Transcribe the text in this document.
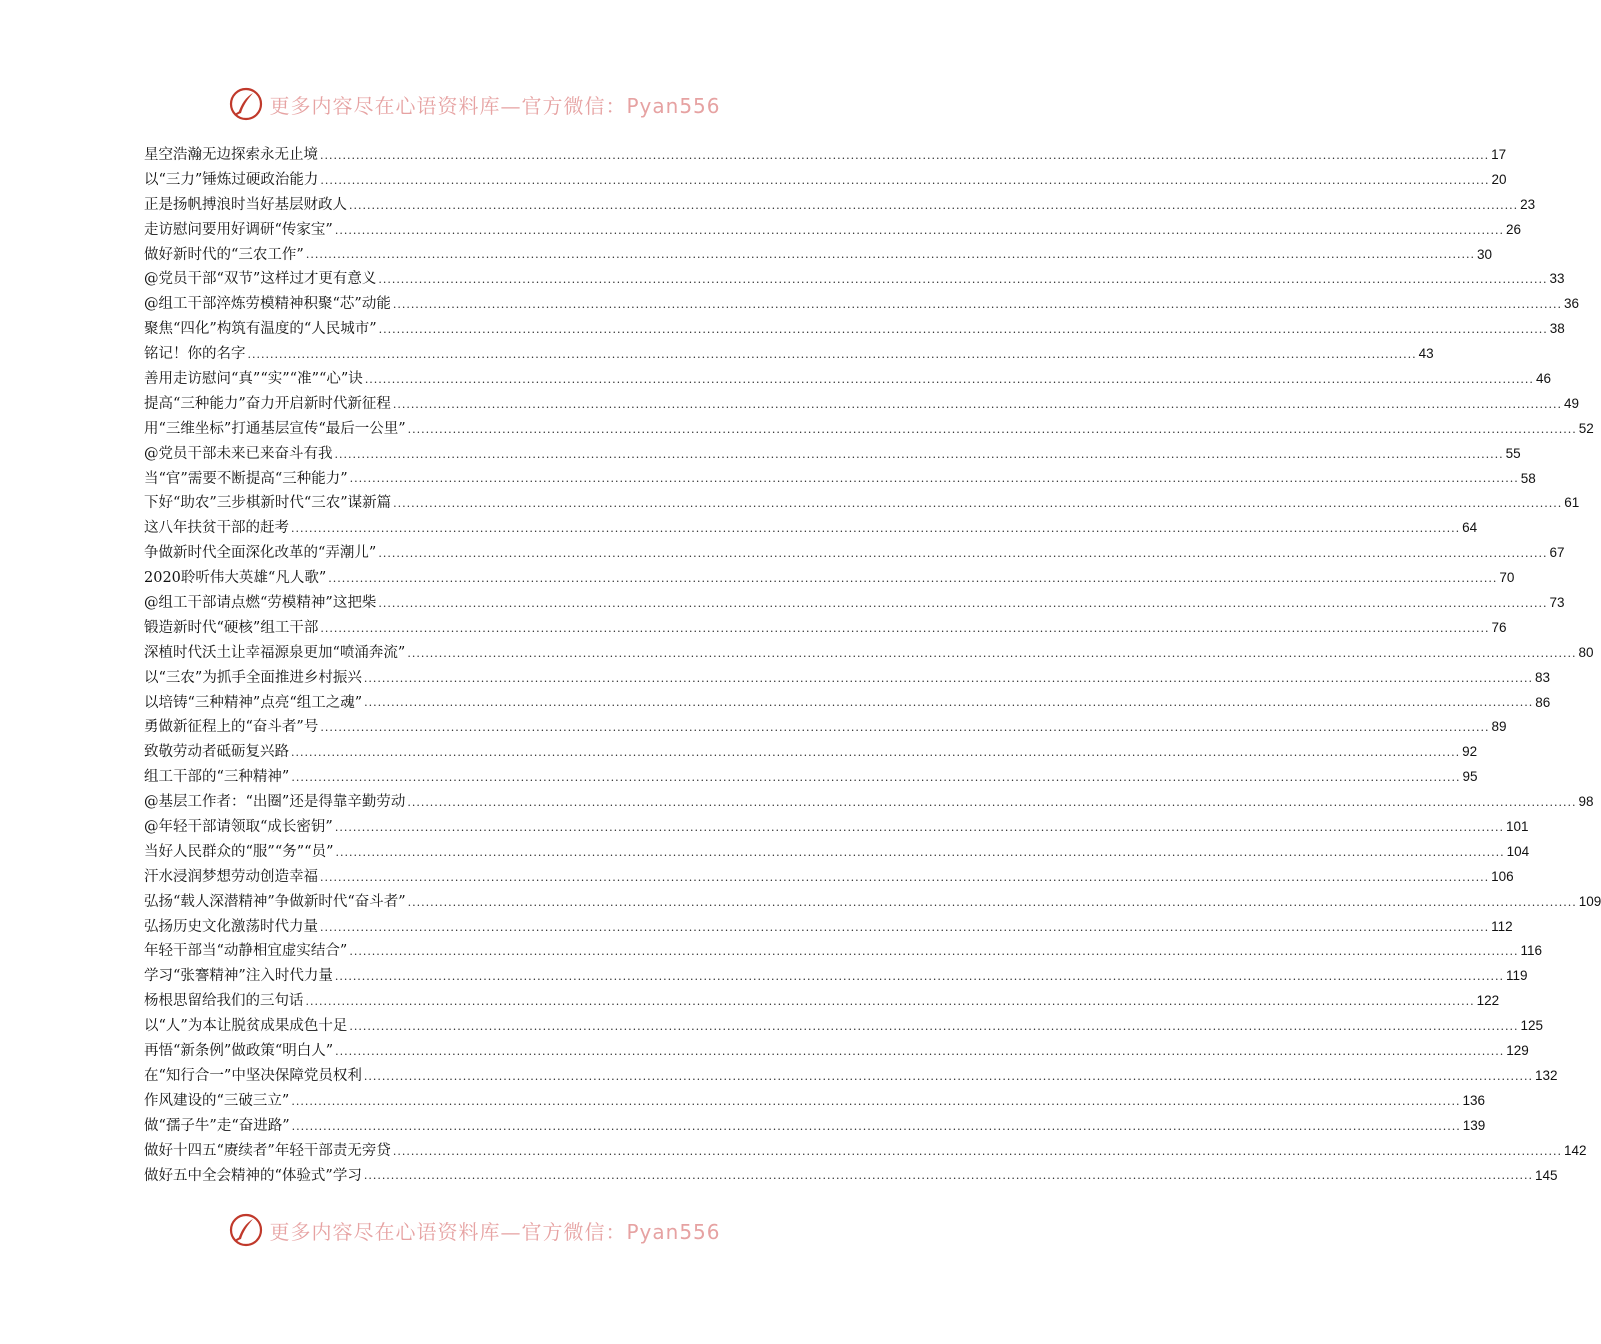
更多内容尽在心语资料库—官方微信：Pyan556
星空浩瀚无边探索永无止境 .................................................................................................................................................................................................................................................................... 17
以“三力”锤炼过硬政治能力 .................................................................................................................................................................................................................................................................... 20
正是扬帆搏浪时当好基层财政人 .................................................................................................................................................................................................................................................................... 23
走访慰问要用好调研“传家宝” .................................................................................................................................................................................................................................................................... 26
做好新时代的“三农工作” .................................................................................................................................................................................................................................................................... 30
@党员干部“双节”这样过才更有意义 .................................................................................................................................................................................................................................................................... 33
@组工干部淬炼劳模精神积聚“芯”动能 .................................................................................................................................................................................................................................................................... 36
聚焦“四化”构筑有温度的“人民城市” .................................................................................................................................................................................................................................................................... 38
铭记！你的名字 .................................................................................................................................................................................................................................................................... 43
善用走访慰问“真”“实”“准”“心”诀 .................................................................................................................................................................................................................................................................... 46
提高“三种能力”奋力开启新时代新征程 .................................................................................................................................................................................................................................................................... 49
用“三维坐标”打通基层宣传“最后一公里” .................................................................................................................................................................................................................................................................... 52
@党员干部未来已来奋斗有我 .................................................................................................................................................................................................................................................................... 55
当“官”需要不断提高“三种能力” .................................................................................................................................................................................................................................................................... 58
下好“助农”三步棋新时代“三农”谋新篇 .................................................................................................................................................................................................................................................................... 61
这八年扶贫干部的赶考 .................................................................................................................................................................................................................................................................... 64
争做新时代全面深化改革的“弄潮儿” .................................................................................................................................................................................................................................................................... 67
2020聆听伟大英雄“凡人歌” .................................................................................................................................................................................................................................................................... 70
@组工干部请点燃“劳模精神”这把柴 .................................................................................................................................................................................................................................................................... 73
锻造新时代“硬核”组工干部 .................................................................................................................................................................................................................................................................... 76
深植时代沃土让幸福源泉更加“喷涌奔流” .................................................................................................................................................................................................................................................................... 80
以“三农”为抓手全面推进乡村振兴 .................................................................................................................................................................................................................................................................... 83
以培铸“三种精神”点亮“组工之魂” .................................................................................................................................................................................................................................................................... 86
勇做新征程上的“奋斗者”号 .................................................................................................................................................................................................................................................................... 89
致敬劳动者砥砺复兴路 .................................................................................................................................................................................................................................................................... 92
组工干部的“三种精神” .................................................................................................................................................................................................................................................................... 95
@基层工作者：“出圈”还是得靠辛勤劳动 .................................................................................................................................................................................................................................................................... 98
@年轻干部请领取“成长密钥” .................................................................................................................................................................................................................................................................... 101
当好人民群众的“服”“务”“员” .................................................................................................................................................................................................................................................................... 104
汗水浸润梦想劳动创造幸福 .................................................................................................................................................................................................................................................................... 106
弘扬“载人深潜精神”争做新时代“奋斗者” .................................................................................................................................................................................................................................................................... 109
弘扬历史文化激荡时代力量 .................................................................................................................................................................................................................................................................... 112
年轻干部当“动静相宜虚实结合” .................................................................................................................................................................................................................................................................... 116
学习“张謇精神”注入时代力量 .................................................................................................................................................................................................................................................................... 119
杨根思留给我们的三句话 .................................................................................................................................................................................................................................................................... 122
以“人”为本让脱贫成果成色十足 .................................................................................................................................................................................................................................................................... 125
再悟“新条例”做政策“明白人” .................................................................................................................................................................................................................................................................... 129
在“知行合一”中坚决保障党员权利 .................................................................................................................................................................................................................................................................... 132
作风建设的“三破三立” .................................................................................................................................................................................................................................................................... 136
做“孺子牛”走“奋进路” .................................................................................................................................................................................................................................................................... 139
做好十四五“赓续者”年轻干部责无旁贷 .................................................................................................................................................................................................................................................................... 142
做好五中全会精神的“体验式”学习 .................................................................................................................................................................................................................................................................... 145
更多内容尽在心语资料库—官方微信：Pyan556
